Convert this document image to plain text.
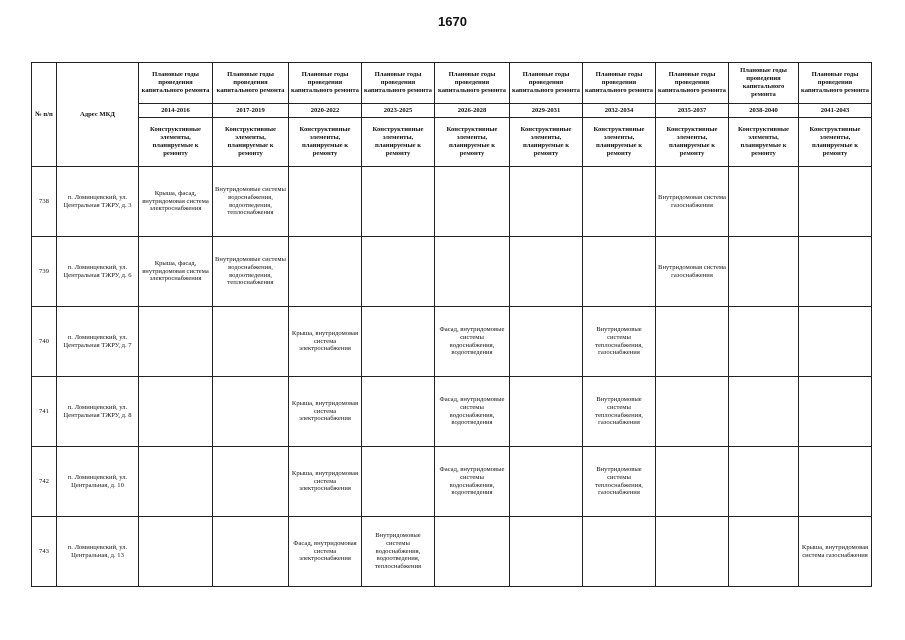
1670
№ п/п	Адрес МКД	Плановые годы проведения капитального ремонта	Плановые годы проведения капитального ремонта	Плановые годы проведения капитального ремонта	Плановые годы проведения капитального ремонта	Плановые годы проведения капитального ремонта	Плановые годы проведения капитального ремонта	Плановые годы проведения капитального ремонта	Плановые годы проведения капитального ремонта	Плановые годы проведения капитального ремонта	Плановые годы проведения капитального ремонта
		2014-2016	2017-2019	2020-2022	2023-2025	2026-2028	2029-2031	2032-2034	2035-2037	2038-2040	2041-2043
		Конструктивные элементы, планируемые к ремонту	Конструктивные элементы, планируемые к ремонту	Конструктивные элементы, планируемые к ремонту	Конструктивные элементы, планируемые к ремонту	Конструктивные элементы, планируемые к ремонту	Конструктивные элементы, планируемые к ремонту	Конструктивные элементы, планируемые к ремонту	Конструктивные элементы, планируемые к ремонту	Конструктивные элементы, планируемые к ремонту	Конструктивные элементы, планируемые к ремонту
738	п. Ломинцевский, ул. Центральная ТЖРУ, д. 3	Крыша, фасад, внутридомовая система электроснабжения	Внутридомовые системы водоснабжения, водоотведения, теплоснабжения						Внутридомовая система газоснабжения		
739	п. Ломинцевский, ул. Центральная ТЖРУ, д. 6	Крыша, фасад, внутридомовая система электроснабжения	Внутридомовые системы водоснабжения, водоотведения, теплоснабжения						Внутридомовая система газоснабжения		
740	п. Ломинцевский, ул. Центральная ТЖРУ, д. 7			Крыша, внутридомовая система электроснабжения		Фасад, внутридомовые системы водоснабжения, водоотведения		Внутридомовые системы теплоснабжения, газоснабжения			
741	п. Ломинцевский, ул. Центральная ТЖРУ, д. 8			Крыша, внутридомовая система электроснабжения		Фасад, внутридомовые системы водоснабжения, водоотведения		Внутридомовые системы теплоснабжения, газоснабжения			
742	п. Ломинцевский, ул. Центральная, д. 10			Крыша, внутридомовая система электроснабжения		Фасад, внутридомовые системы водоснабжения, водоотведения		Внутридомовые системы теплоснабжения, газоснабжения			
743	п. Ломинцевский, ул. Центральная, д. 13			Фасад, внутридомовая система электроснабжения	Внутридомовые системы водоснабжения, водоотведения, теплоснабжения						Крыша, внутридомовая система газоснабжения
